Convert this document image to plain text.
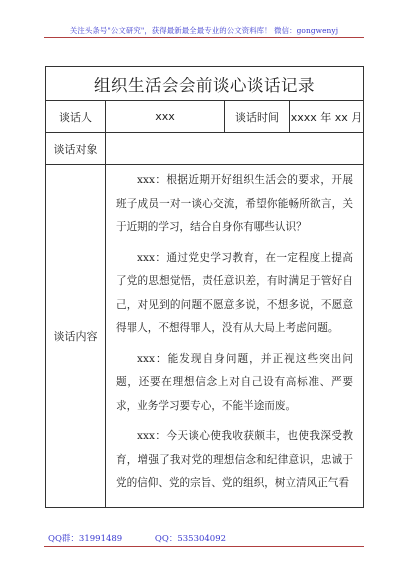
关注头条号"公文研究"，获得最新最全最专业的公文资料库！ 微信：gongwenyj
组织生活会会前谈心谈话记录			
谈话人	xxx	谈话时间	xxxx 年 xx 月
谈话对象			
谈话内容	xxx：根据近期开好组织生活会的要求，开展班子成员一对一谈心交流，希望你能畅所欲言，关于近期的学习，结合自身你有哪些认识？

xxx：通过党史学习教育，在一定程度上提高了党的思想觉悟，责任意识差，有时满足于管好自己，对见到的问题不愿意多说，不想多说，不愿意得罪人，不想得罪人，没有从大局上考虑问题。

xxx：能发现自身问题，并正视这些突出问题，还要在理想信念上对自己设有高标准、严要求，业务学习要专心，不能半途而废。

xxx：今天谈心使我收获颇丰，也使我深受教育，增强了我对党的理想信念和纪律意识，忠诚于党的信仰、党的宗旨、党的组织，树立清风正气看		

QQ群：31991489	QQ：535304092
